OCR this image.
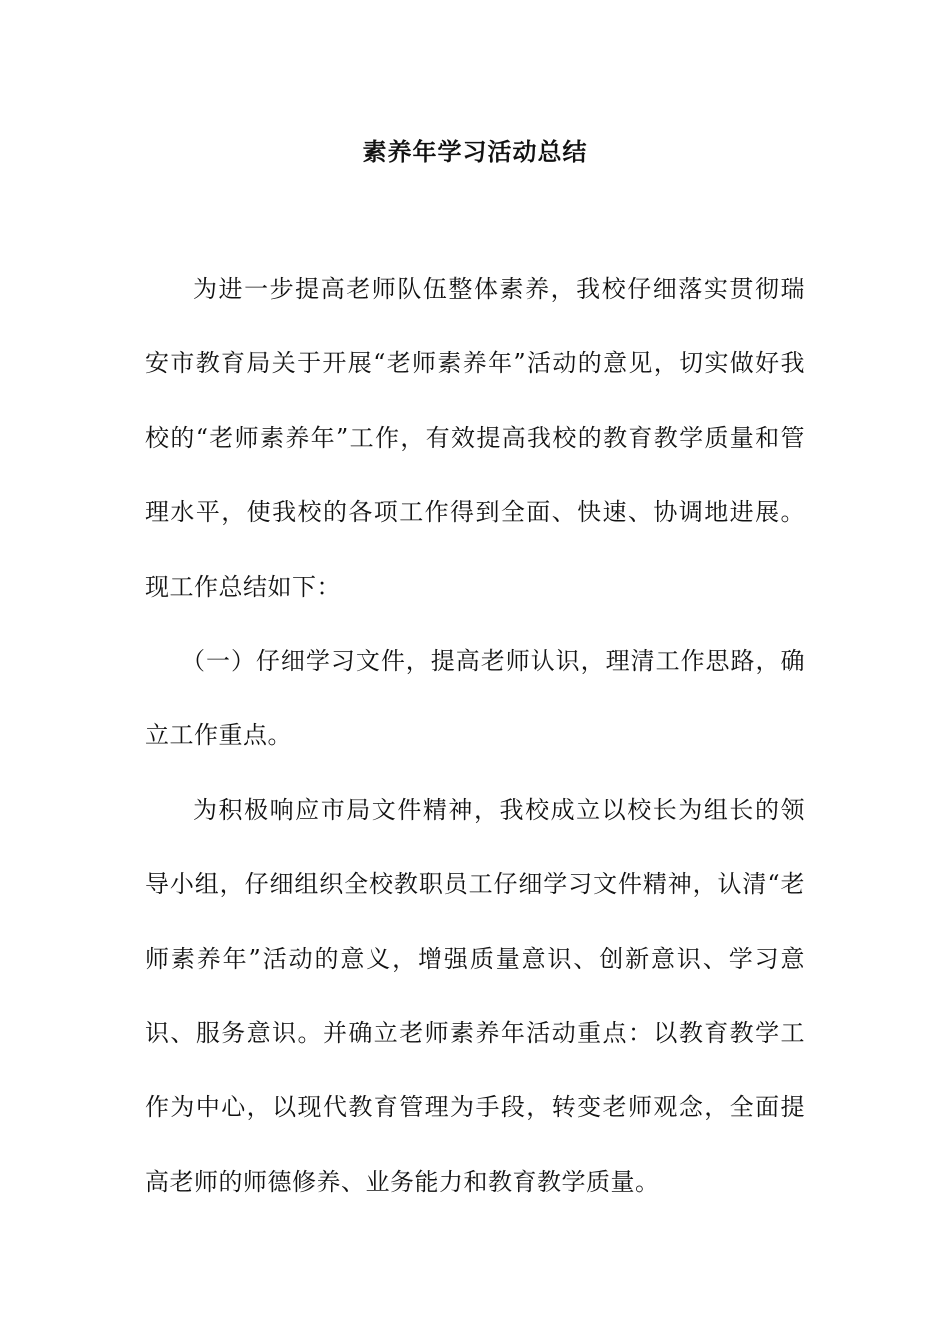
素养年学习活动总结

为进一步提高老师队伍整体素养，我校仔细落实贯彻瑞安市教育局关于开展“老师素养年”活动的意见，切实做好我校的“老师素养年”工作，有效提高我校的教育教学质量和管理水平，使我校的各项工作得到全面、快速、协调地进展。现工作总结如下：

（一）仔细学习文件，提高老师认识，理清工作思路，确立工作重点。

为积极响应市局文件精神，我校成立以校长为组长的领导小组，仔细组织全校教职员工仔细学习文件精神，认清“老师素养年”活动的意义，增强质量意识、创新意识、学习意识、服务意识。并确立老师素养年活动重点：以教育教学工作为中心，以现代教育管理为手段，转变老师观念，全面提高老师的师德修养、业务能力和教育教学质量。
